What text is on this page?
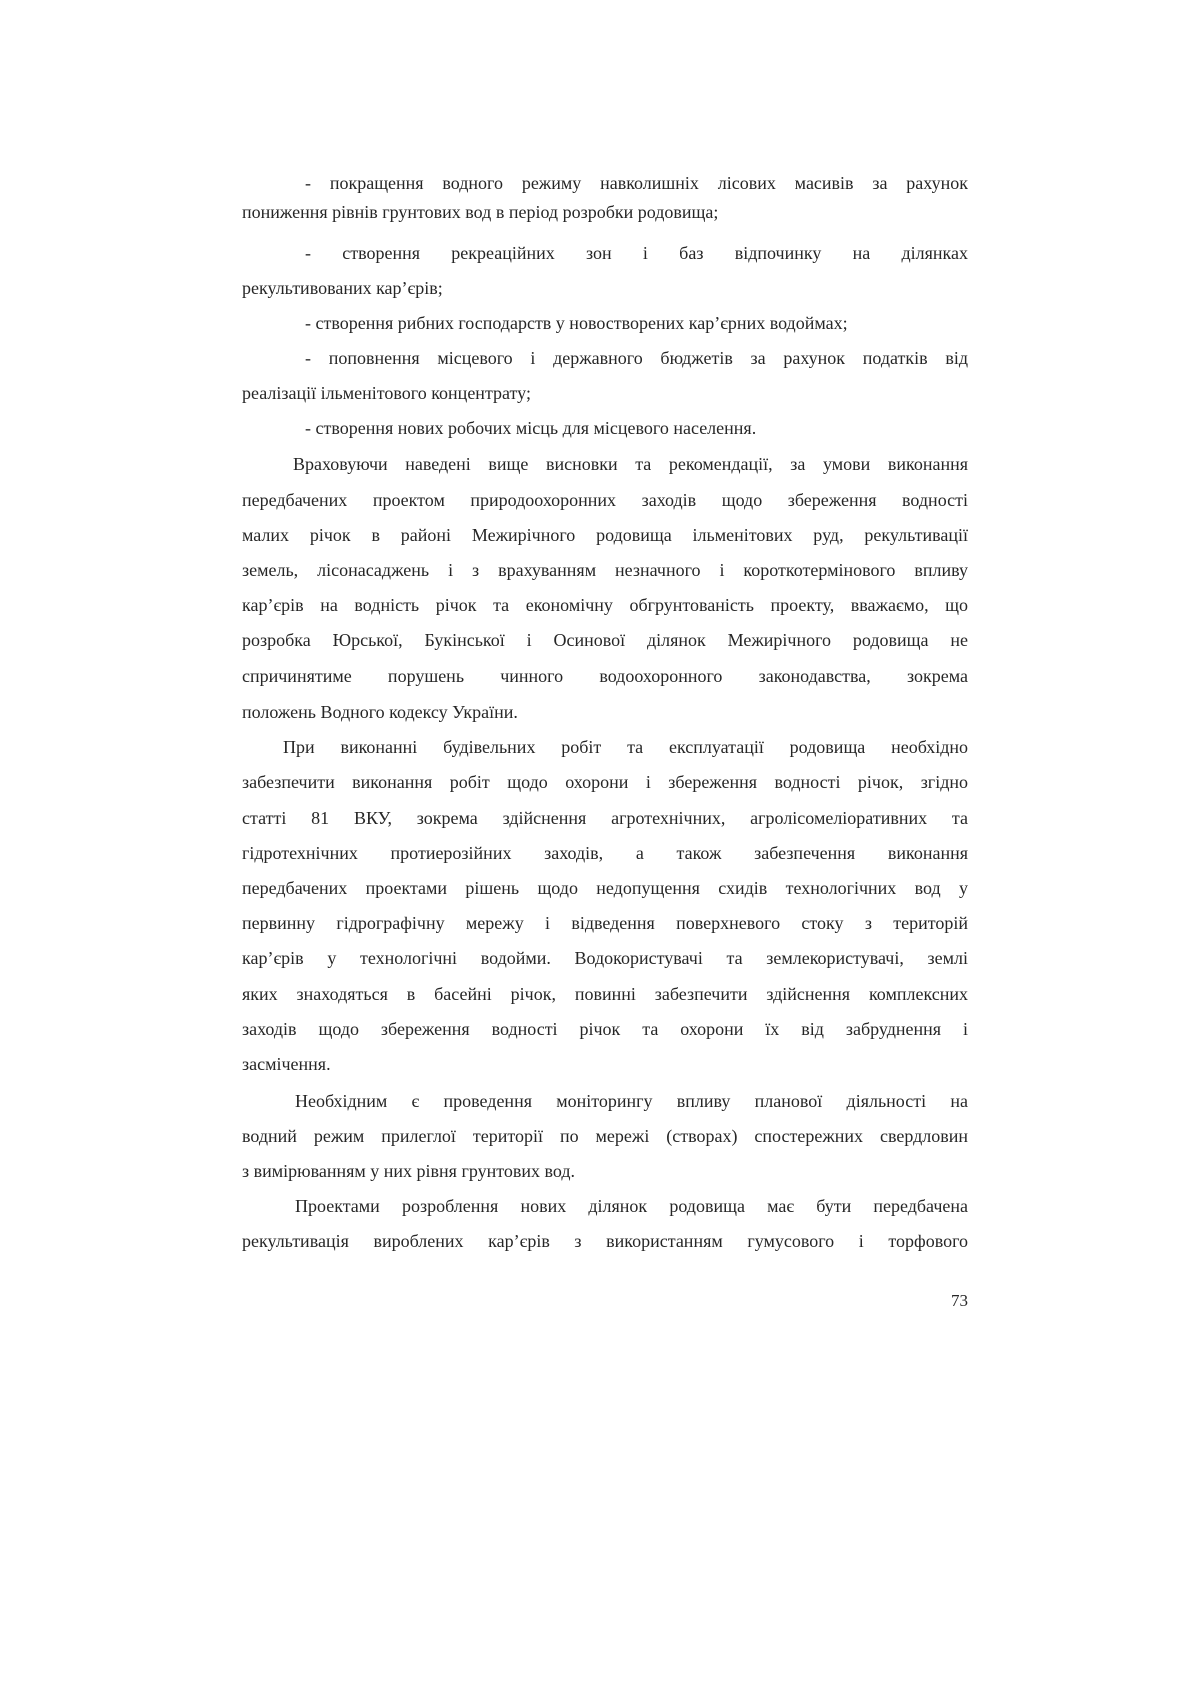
- покращення водного режиму навколишніх лісових масивів за рахунок
пониження рівнів грунтових вод в період розробки родовища;
- створення рекреаційних зон і баз відпочинку на ділянках
рекультивованих кар’єрів;
- створення рибних господарств у новостворених кар’єрних водоймах;
- поповнення місцевого і державного бюджетів за рахунок податків від
реалізації ільменітового концентрату;
- створення нових робочих місць для місцевого населення.
Враховуючи наведені вище висновки та рекомендації, за умови виконання
передбачених проектом природоохоронних заходів щодо збереження водності
малих річок в районі Межирічного родовища ільменітових руд, рекультивації
земель, лісонасаджень і з врахуванням незначного і короткотермінового впливу
кар’єрів на водність річок та економічну обгрунтованість проекту, вважаємо, що
розробка Юрської, Букінської і Осинової ділянок Межирічного родовища не
спричинятиме порушень чинного водоохоронного законодавства, зокрема
положень Водного кодексу України.
При виконанні будівельних робіт та експлуатації родовища необхідно
забезпечити виконання робіт щодо охорони і збереження водності річок, згідно
статті 81 ВКУ, зокрема здійснення агротехнічних, агролісомеліоративних та
гідротехнічних протиерозійних заходів, а також забезпечення виконання
передбачених проектами рішень щодо недопущення схидів технологічних вод у
первинну гідрографічну мережу і відведення поверхневого стоку з територій
кар’єрів у технологічні водойми. Водокористувачі та землекористувачі, землі
яких знаходяться в басейні річок, повинні забезпечити здійснення комплексних
заходів щодо збереження водності річок та охорони їх від забруднення і
засмічення.
Необхідним є проведення моніторингу впливу планової діяльності на
водний режим прилеглої території по мережі (створах) спостережних свердловин
з вимірюванням у них рівня грунтових вод.
Проектами розроблення нових ділянок родовища має бути передбачена
рекультивація вироблених кар’єрів з використанням гумусового і торфового
73
